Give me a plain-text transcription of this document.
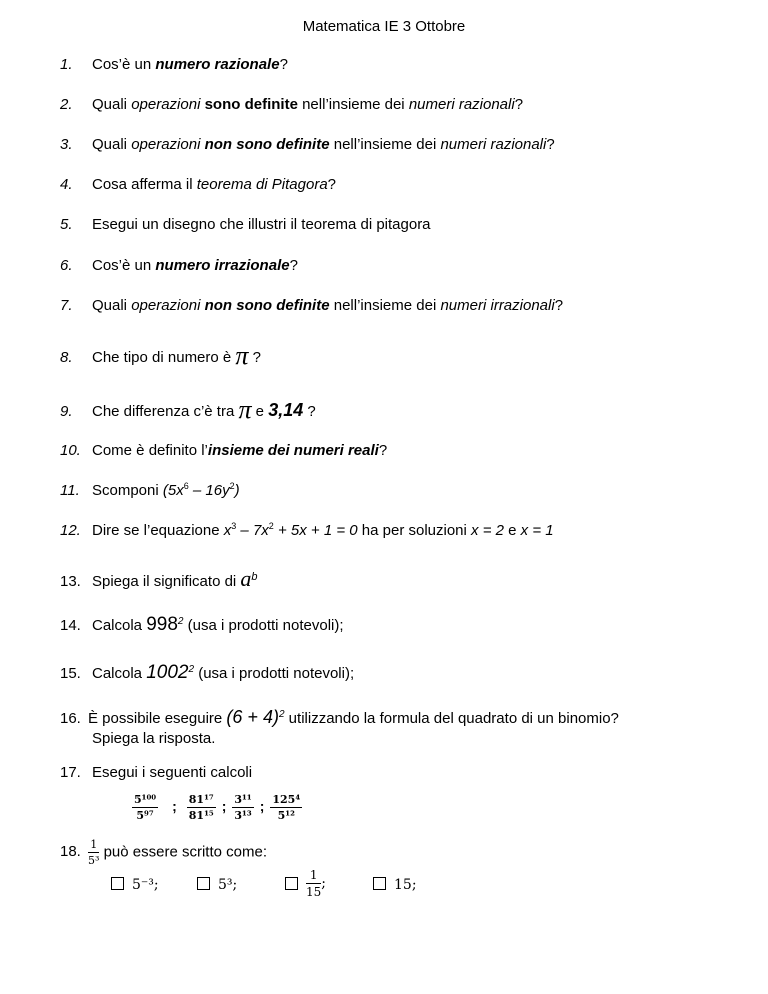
Matematica IE 3 Ottobre
1. Cos’è un numero razionale?
2. Quali operazioni sono definite nell’insieme dei numeri razionali?
3. Quali operazioni non sono definite nell’insieme dei numeri razionali?
4. Cosa afferma il teorema di Pitagora?
5. Esegui un disegno che illustri il teorema di pitagora
6. Cos’è un numero irrazionale?
7. Quali operazioni non sono definite nell’insieme dei numeri irrazionali?
8. Che tipo di numero è π ?
9. Che differenza c’è tra π e 3,14 ?
10. Come è definito l’insieme dei numeri reali?
11. Scomponi $(5x^6 - 16y^2)$
12. Dire se l’equazione $x^3 - 7x^2 + 5x + 1 = 0$ ha per soluzioni x = 2 e x = 1
13. Spiega il significato di $a^b$
14. Calcola $998^2$ (usa i prodotti notevoli);
15. Calcola 1002$^2$ (usa i prodotti notevoli);
16. È possibile eseguire $(6 + 4)^2$ utilizzando la formula del quadrato di un binomio?
Spiega la risposta.
17. Esegui i seguenti calcoli
$\frac{\text{5¹⁰⁰}}{\text{5⁹⁷}}$ ; $\frac{\text{81¹⁷}}{\text{81¹⁵}}$ ; $\frac{\text{3¹¹}}{\text{3¹³}}$ ; $\frac{\text{125⁴}}{\text{5¹²}}$
18. $\frac{1}{\text{5³}}$ può essere scritto come:
5⁻³;	5³;	$\frac{1}{15}$ ;	15;
